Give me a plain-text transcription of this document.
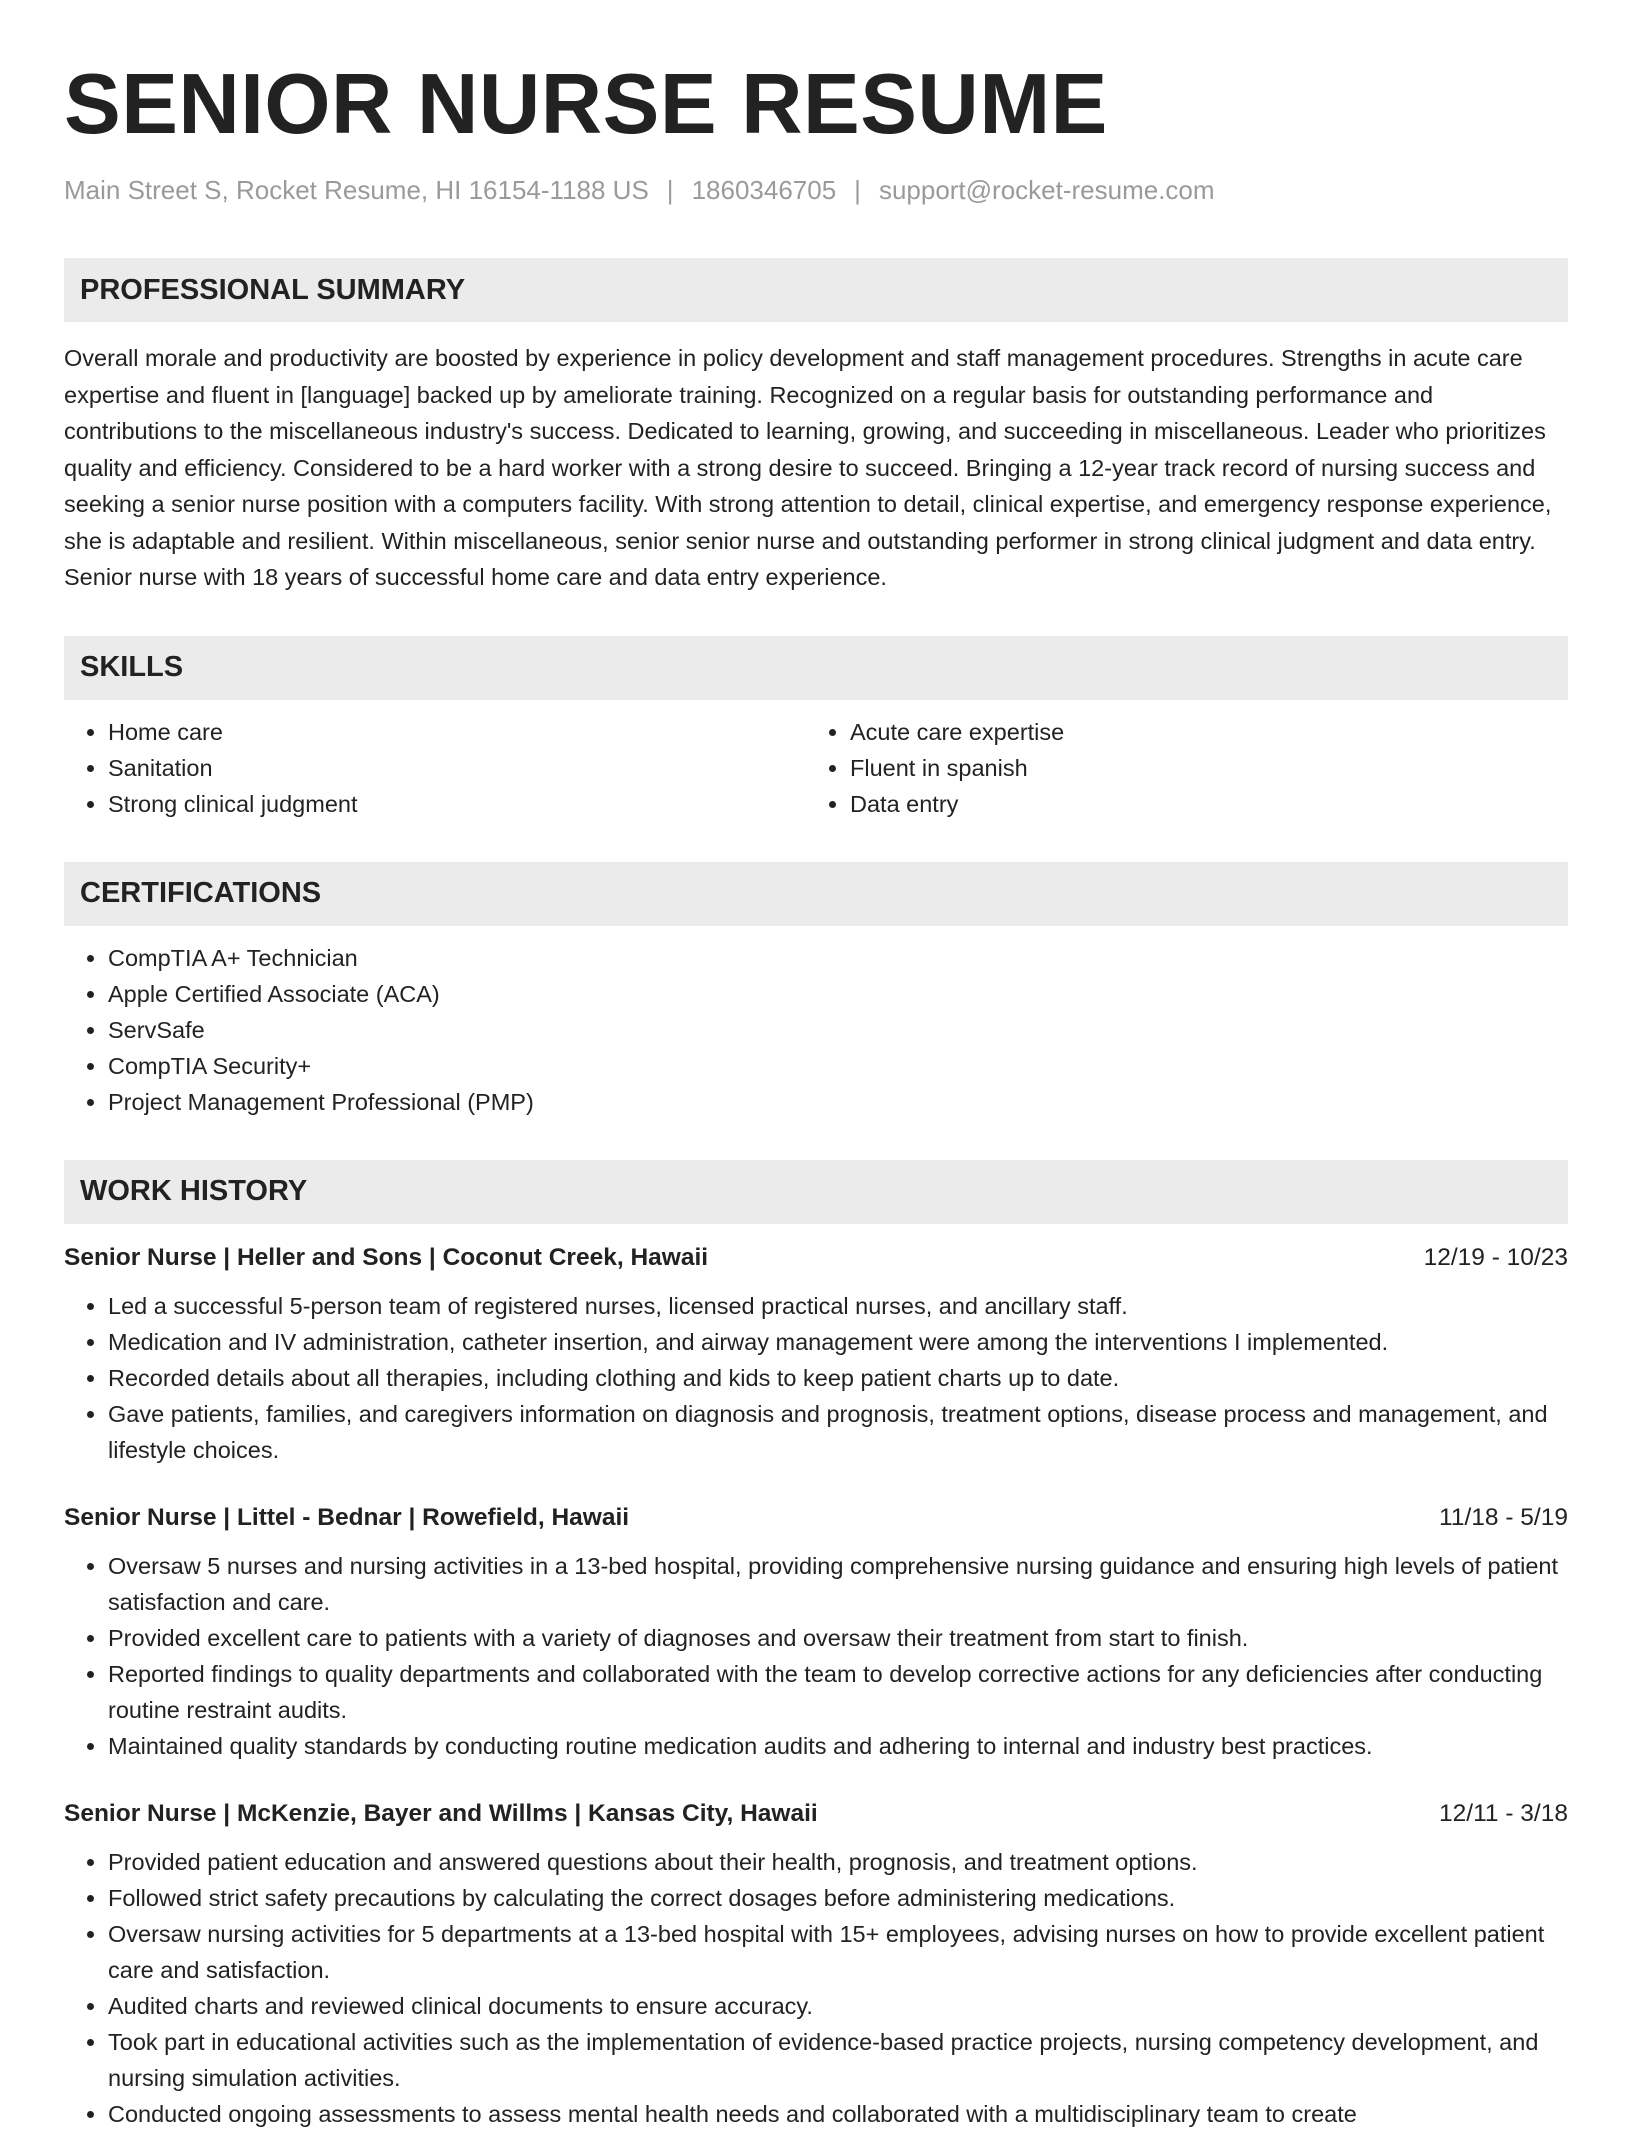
SENIOR NURSE RESUME
Main Street S, Rocket Resume, HI 16154-1188 US | 1860346705 | support@rocket-resume.com
PROFESSIONAL SUMMARY

Overall morale and productivity are boosted by experience in policy development and staff management procedures. Strengths in acute care expertise and fluent in [language] backed up by ameliorate training. Recognized on a regular basis for outstanding performance and contributions to the miscellaneous industry's success. Dedicated to learning, growing, and succeeding in miscellaneous. Leader who prioritizes quality and efficiency. Considered to be a hard worker with a strong desire to succeed. Bringing a 12-year track record of nursing success and seeking a senior nurse position with a computers facility. With strong attention to detail, clinical expertise, and emergency response experience, she is adaptable and resilient. Within miscellaneous, senior senior nurse and outstanding performer in strong clinical judgment and data entry. Senior nurse with 18 years of successful home care and data entry experience.

SKILLS
• Home care
• Sanitation
• Strong clinical judgment
• Acute care expertise
• Fluent in spanish
• Data entry
CERTIFICATIONS
• CompTIA A+ Technician
• Apple Certified Associate (ACA)
• ServSafe
• CompTIA Security+
• Project Management Professional (PMP)
WORK HISTORY
Senior Nurse | Heller and Sons | Coconut Creek, Hawaii	12/19 - 10/23
• Led a successful 5-person team of registered nurses, licensed practical nurses, and ancillary staff.
• Medication and IV administration, catheter insertion, and airway management were among the interventions I implemented.
• Recorded details about all therapies, including clothing and kids to keep patient charts up to date.
• Gave patients, families, and caregivers information on diagnosis and prognosis, treatment options, disease process and management, and lifestyle choices.
Senior Nurse | Littel - Bednar | Rowefield, Hawaii	11/18 - 5/19
• Oversaw 5 nurses and nursing activities in a 13-bed hospital, providing comprehensive nursing guidance and ensuring high levels of patient satisfaction and care.
• Provided excellent care to patients with a variety of diagnoses and oversaw their treatment from start to finish.
• Reported findings to quality departments and collaborated with the team to develop corrective actions for any deficiencies after conducting routine restraint audits.
• Maintained quality standards by conducting routine medication audits and adhering to internal and industry best practices.
Senior Nurse | McKenzie, Bayer and Willms | Kansas City, Hawaii	12/11 - 3/18
• Provided patient education and answered questions about their health, prognosis, and treatment options.
• Followed strict safety precautions by calculating the correct dosages before administering medications.
• Oversaw nursing activities for 5 departments at a 13-bed hospital with 15+ employees, advising nurses on how to provide excellent patient care and satisfaction.
• Audited charts and reviewed clinical documents to ensure accuracy.
• Took part in educational activities such as the implementation of evidence-based practice projects, nursing competency development, and nursing simulation activities.
• Conducted ongoing assessments to assess mental health needs and collaborated with a multidisciplinary team to create
